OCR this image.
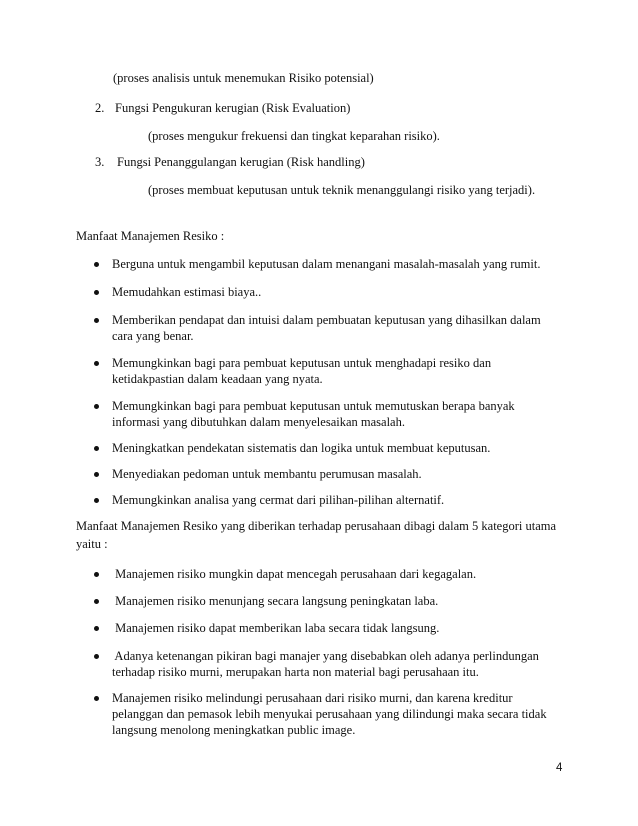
(proses analisis untuk menemukan Risiko potensial)
2. Fungsi Pengukuran kerugian (Risk Evaluation)
(proses mengukur frekuensi dan tingkat keparahan risiko).
3. Fungsi Penanggulangan kerugian (Risk handling)
(proses membuat keputusan untuk teknik menanggulangi risiko yang terjadi).
Manfaat Manajemen Resiko :
Berguna untuk mengambil keputusan dalam menangani masalah-masalah yang rumit.
Memudahkan estimasi biaya..
Memberikan pendapat dan intuisi dalam pembuatan keputusan yang dihasilkan dalam
cara yang benar.
Memungkinkan bagi para pembuat keputusan untuk menghadapi resiko dan
ketidakpastian dalam keadaan yang nyata.
Memungkinkan bagi para pembuat keputusan untuk memutuskan berapa banyak
informasi yang dibutuhkan dalam menyelesaikan masalah.
Meningkatkan pendekatan sistematis dan logika untuk membuat keputusan.
Menyediakan pedoman untuk membantu perumusan masalah.
Memungkinkan analisa yang cermat dari pilihan-pilihan alternatif.
Manfaat Manajemen Resiko yang diberikan terhadap perusahaan dibagi dalam 5 kategori utama
yaitu :
Manajemen risiko mungkin dapat mencegah perusahaan dari kegagalan.
Manajemen risiko menunjang secara langsung peningkatan laba.
Manajemen risiko dapat memberikan laba secara tidak langsung.
Adanya ketenangan pikiran bagi manajer yang disebabkan oleh adanya perlindungan
terhadap risiko murni, merupakan harta non material bagi perusahaan itu.
Manajemen risiko melindungi perusahaan dari risiko murni, dan karena kreditur
pelanggan dan pemasok lebih menyukai perusahaan yang dilindungi maka secara tidak
langsung menolong meningkatkan public image.
4
